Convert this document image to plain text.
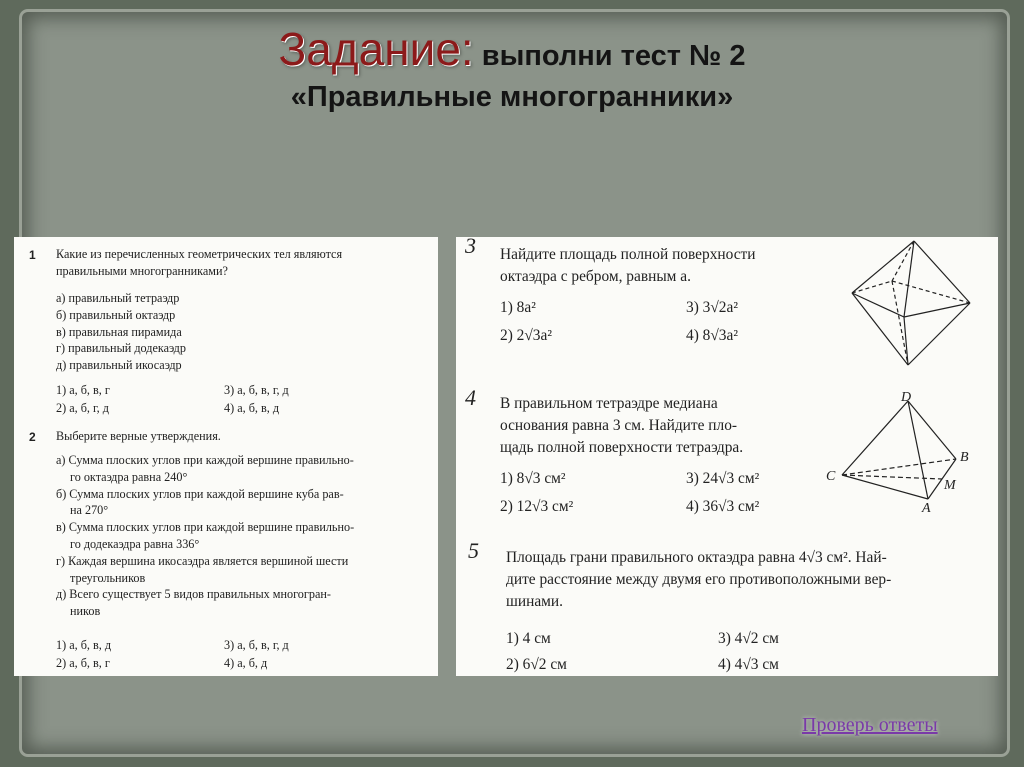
Задание: выполни тест № 2
«Правильные многогранники»
1 Какие из перечисленных геометрических тел являются
правильными многогранниками?
а) правильный тетраэдр
б) правильный октаэдр
в) правильная пирамида
г) правильный додекаэдр
д) правильный икосаэдр
1) а, б, в, г	3) а, б, в, г, д
2) а, б, г, д	4) а, б, в, д
2 Выберите верные утверждения.
а) Сумма плоских углов при каждой вершине правильно-
го октаэдра равна 240°
б) Сумма плоских углов при каждой вершине куба рав-
на 270°
в) Сумма плоских углов при каждой вершине правильно-
го додекаэдра равна 336°
г) Каждая вершина икосаэдра является вершиной шести
треугольников
д) Всего существует 5 видов правильных многогран-
ников
1) а, б, в, д	3) а, б, в, г, д
2) а, б, в, г	4) а, б, д
3 Найдите площадь полной поверхности
октаэдра с ребром, равным a.
1) 8a²	3) 3√2a²
2) 2√3a²	4) 8√3a²
4 В правильном тетраэдре медиана
основания равна 3 см. Найдите пло-
щадь полной поверхности тетраэдра.
1) 8√3 см²	3) 24√3 см²
2) 12√3 см²	4) 36√3 см²
D
B
C
M
A
5 Площадь грани правильного октаэдра равна 4√3 см². Най-
дите расстояние между двумя его противоположными вер-
шинами.
1) 4 см	3) 4√2 см
2) 6√2 см	4) 4√3 см
Проверь ответы
